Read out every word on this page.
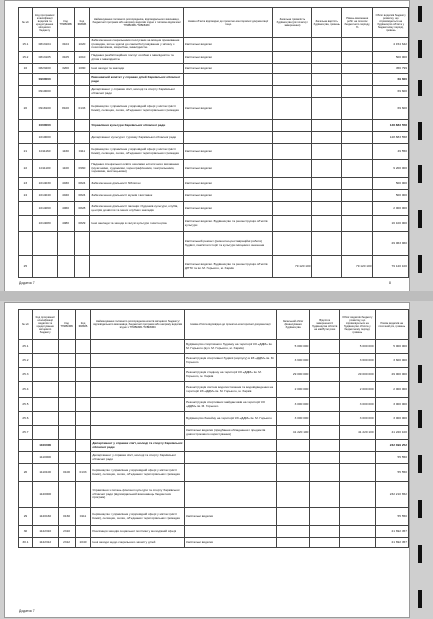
№ з/п	Код програмної класифікації видатків та кредитування місцевого бюджету	Код ТПКВКМБ	Код ФКВКБ	Найменування головного розпорядника, відповідального виконавця, бюджетної програми або напряму видатків згідно з типовою відомчою/ТПКВКМБ /ТКВКБМС	Назва об'єкта відповідно до проектно-кошторисної документації тощо	Загальна тривалість будівництва (рік початку і завершення)	Загальна вартість будівництва, гривень	Рівень виконання робіт на початок бюджетного періоду, %	Обсяг видатків бюджету розвитку, що спрямовуються на будівництво об'єкта у бюджетному періоді, гривень
15.1	0813104	3104	1020	Забезпечення соціальними послугами за місцем проживання громадян, які не здатні до самообслуговування у зв'язку з похилим віком, хворобою, інвалідністю	Капітальні видатки				4 154 642
15.2	0813105	3105	1010	Надання реабілітаційних послуг особам з інвалідністю та дітям з інвалідністю	Капітальні видатки				500 000
16	0823200	3200	1090	Інші заходи та заклади	Капітальні видатки				456 799
	0900000			Виконавчий комітет у справах дітей Харківської обласної ради					69 600
	0910000			Департамент у справах сім'ї, молоді та спорту Харківської обласної ради					69 600
20	0918100	8100	0133	Керівництво і управління у відповідній сфері у містах (місті Києві), селищах, селах, об'єднаних територіальних громадах	Капітальні видатки				69 600
	1000000			Управління культури Харківської обласної ради					128 883 558
	1010000			Департамент культури і туризму Харківської обласної ради					128 883 558
21	1011160	1160	0111	Керівництво і управління у відповідній сфері у містах (місті Києві), селищах, селах, об'єднаних територіальних громадах	Капітальні видатки				49 550
22	1011100	1100	0960	Надання спеціальної освіти школами естетичного виховання (музичними, художніми, хореографічними, театральними, хоровими, мистецькими)	Капітальні видатки				9 200 000
23	1014030	4030	0824	Забезпечення діяльності бібліотек	Капітальні видатки				500 000
24	1014040	4040	0824	Забезпечення діяльності музеїв і виставок	Капітальні видатки				500 000
	1014060	4060	0828	Забезпечення діяльності палаців і будинків культури, клубів, центрів дозвілля та інших клубних закладів	Капітальні видатки				2 000 000
	1014080	4080	0829	Інші заклади та заходи в галузі культури і мистецтва	Капітальні видатки. Будівництво та реконструкція об'єктів культури				16 100 000
					Капітальний ремонт (ремонтно-реставраційні роботи) будівлі, пам'ятки історії та культури місцевого значення				29 063 960
25					Капітальні видатки. Будівництво та реконструкція об'єктів ДПТК та ім. М. Горького, м. Харків	79 120 100		79 120 100	79 120 100
Додаток 7	8
№ з/п	Код програмної класифікації видатків та кредитування місцевого бюджету	Код ТПКВКМБ	Код ФКВКБ	Найменування головного розпорядника коштів місцевого бюджету/ відповідального виконавця, бюджетної програми або напряму видатків згідно з ТПКВКМБ /ТКВКБМС	Назва об'єкта відповідно до проектно-кошторисної документації	Загальний обсяг фінансування будівництва	Відсоток завершеності будівництва об'єктів на майбутні роки	Обсяг видатків бюджету розвитку, що спрямовуються на будівництво об'єкта у бюджетному періоді, гривень	Разом видатків на поточний рік, гривень
25.1					Будівництво спортивного будинку на території КЗ «ДДМ» ім. М. Горького (вул. М. Горького, м. Харків)	5 000 000		5 000 000	5 000 000
25.2					Реконструкція спортивної будівлі (корпусу) в КЗ «ДДМ» ім. М. Горького	3 600 000		3 600 000	3 600 000
25.3					Реконструкція стадіону на території КЗ «ДДМ» ім. М. Горького, м. Харків	29 000 000		29 000 000	29 000 000
25.4					Реконструкція систем водопостачання та водовідведення на території КЗ «ДДМ» ім. М. Горького, м. Харків	2 000 000		2 000 000	2 000 000
25.5					Реконструкція спортивних майданчиків на території КЗ «ДДМ» ім. М. Горького	3 000 000		3 000 000	3 000 000
25.6					Будівництво басейну на території КЗ «ДДМ» ім. М. Горького	3 000 000		3 000 000	3 000 000
25.7					Капітальні видатки (придбання обладнання і предметів довгострокового користування)	41 220 100		41 220 100	41 220 100
	1100000			Департамент у справах сім'ї, молоді та спорту Харківської обласної ради					232 399 252
	1110000			Департамент у справах сім'ї, молоді та спорту Харківської обласної ради					55 550
26	1110100	0100	0133	Керівництво і управління у відповідній сфері у містах (місті Києві), селищах, селах, об'єднаних територіальних громадах					55 550
	1120000			Управління з питань фізичної культури та спорту Харківської обласної ради (відповідальний виконавець бюджетних програм)					232 210 652
29	1120160	0160	0111	Керівництво і управління у відповідній сфері у містах (місті Києві), селищах, селах, об'єднаних територіальних громадах	Капітальні видатки				55 550
30	1122310	2310		Реалізація заходів соціальної політики у молодіжній сфері					21 692 457
30.1	1122312	2312	1040	Інші заходи щодо соціального захисту дітей	Капітальні видатки				21 692 457
Додаток 7
